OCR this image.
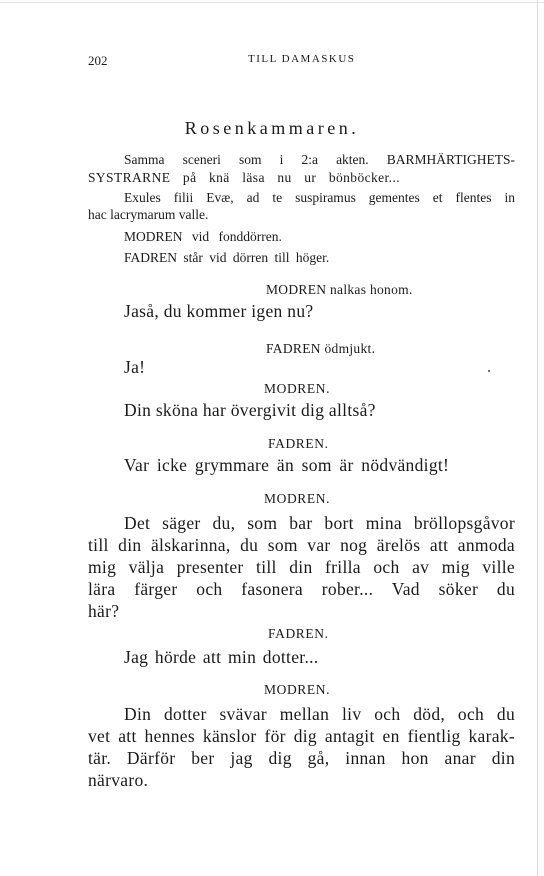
202	TILL DAMASKUS
Rosenkammaren.

Samma sceneri som i 2:a akten. BARMHÄRTIGHETS-

SYSTRARNE på knä läsa nu ur bönböcker...

Exules filii Evæ, ad te suspiramus gementes et flentes in

hac lacrymarum valle.

MODREN vid fonddörren.

FADREN står vid dörren till höger.

MODREN nalkas honom.

Jaså, du kommer igen nu?

FADREN ödmjukt.

Ja!

MODREN.

Din sköna har övergivit dig alltså?

FADREN.

Var icke grymmare än som är nödvändigt!

MODREN.

Det säger du, som bar bort mina bröllopsgåvor

till din älskarinna, du som var nog ärelös att anmoda

mig välja presenter till din frilla och av mig ville

lära färger och fasonera rober... Vad söker du

här?

FADREN.

Jag hörde att min dotter...

MODREN.

Din dotter svävar mellan liv och död, och du

vet att hennes känslor för dig antagit en fientlig karak-

tär. Därför ber jag dig gå, innan hon anar din

närvaro.
